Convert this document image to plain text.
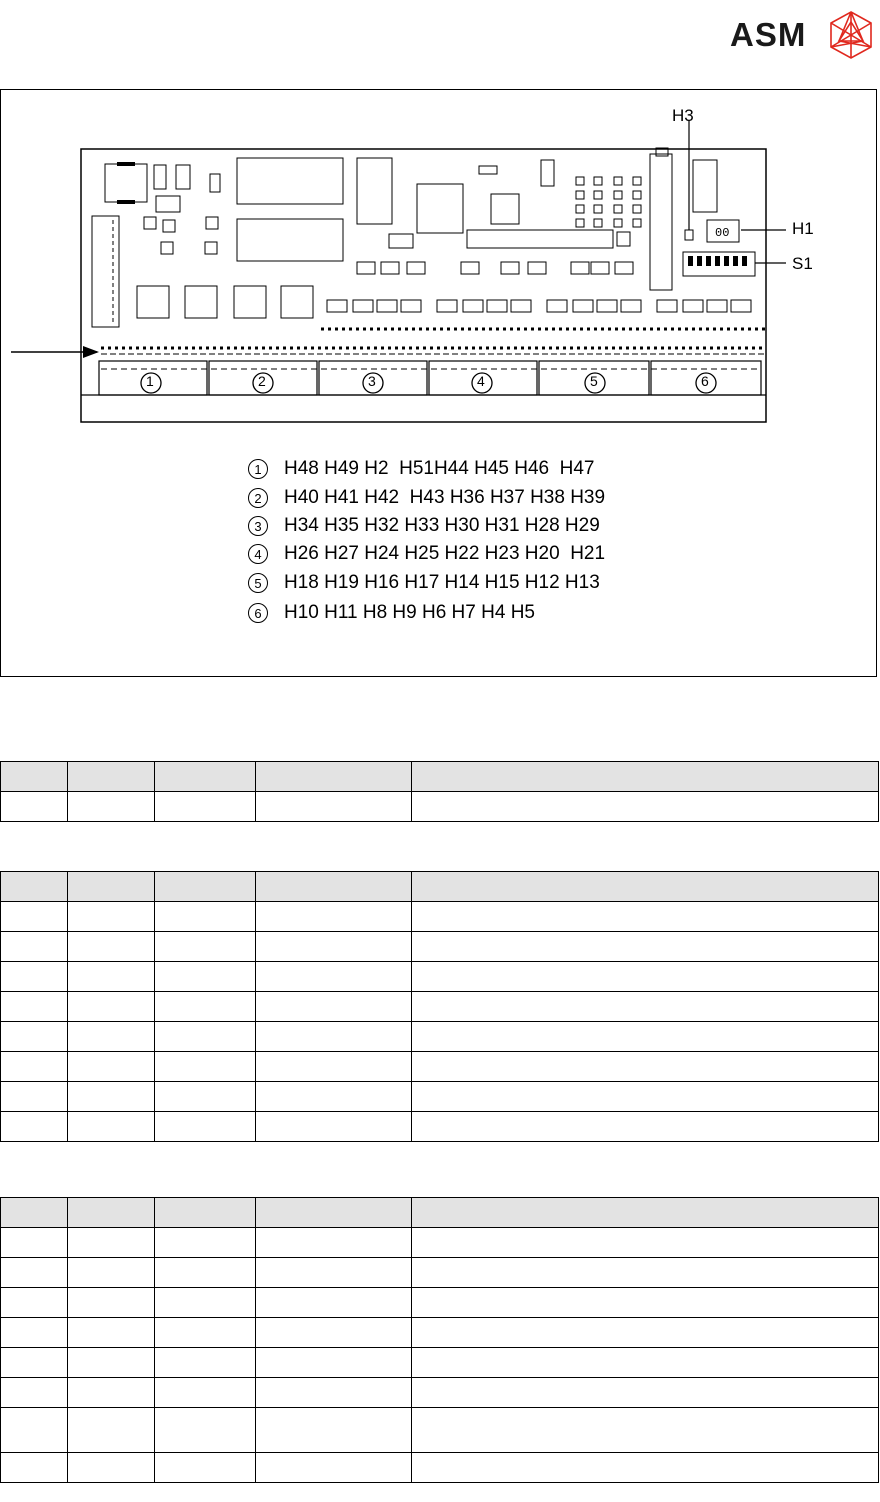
ASM
00
1	2	3	4	5	6
H3
H1
S1
1	H48 H49 H2  H51H44 H45 H46  H47
2	H40 H41 H42  H43 H36 H37 H38 H39
3	H34 H35 H32 H33 H30 H31 H28 H29
4	H26 H27 H24 H25 H22 H23 H20  H21
5	H18 H19 H16 H17 H14 H15 H12 H13
6	H10 H11 H8 H9 H6 H7 H4 H5
